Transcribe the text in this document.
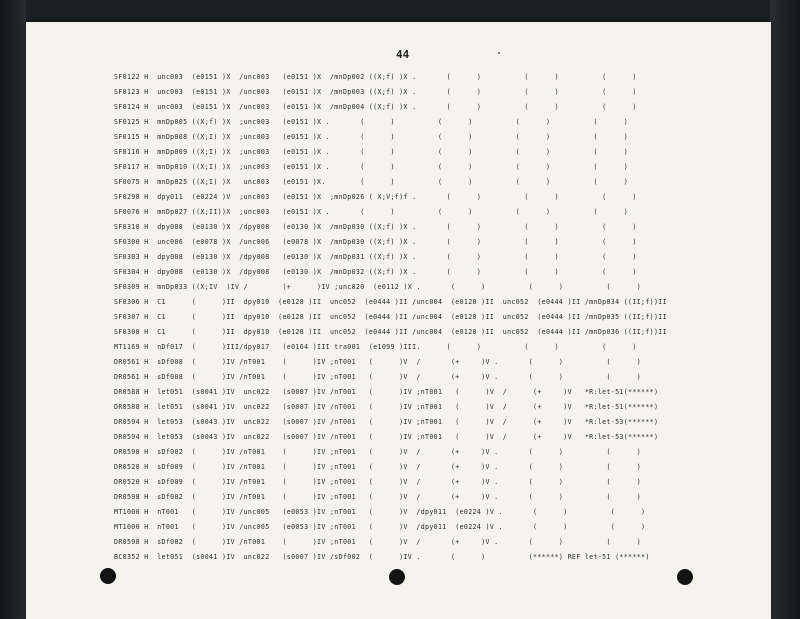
44
SF0122 H  unc003  (e0151 )X  /unc003   (e0151 )X  /mnDp002 ((X;f) )X .       (      )          (      )          (      )
SF0123 H  unc003  (e0151 )X  /unc003   (e0151 )X  /mnDp003 ((X;f) )X .       (      )          (      )          (      )
SF0124 H  unc003  (e0151 )X  /unc003   (e0151 )X  /mnDp004 ((X;f) )X .       (      )          (      )          (      )
SF0125 H  mnDp005 ((X;f) )X  ;unc003   (e0151 )X .       (      )          (      )          (      )          (      )
SF0115 H  mnDp008 ((X;I) )X  ;unc003   (e0151 )X .       (      )          (      )          (      )          (      )
SF0116 H  mnDp009 ((X;I) )X  ;unc003   (e0151 )X .       (      )          (      )          (      )          (      )
SF0117 H  mnDp010 ((X;I) )X  ;unc003   (e0151 )X .       (      )          (      )          (      )          (      )
SF0075 H  mnDp025 ((X;I) )X   unc003   (e0151 )X.        (      )          (      )          (      )          (      )
SF0298 H  dpy011  (e0224 )V  ;unc003   (e0151 )X  ;mnDp026 ( X;V;f)f .       (      )          (      )          (      )
SF0076 H  mnDp027 ((X;II))X  ;unc003   (e0151 )X .       (      )          (      )          (      )          (      )
SF0310 H  dpy008  (e0130 )X  /dpy008   (e0130 )X  /mnDp030 ((X;f) )X .       (      )          (      )          (      )
SF0300 H  unc006  (e0078 )X  /unc006   (e0078 )X  /mnDp030 ((X;f) )X .       (      )          (      )          (      )
SF0303 H  dpy008  (e0130 )X  /dpy008   (e0130 )X  /mnDp031 ((X;f) )X .       (      )          (      )          (      )
SF0304 H  dpy008  (e0130 )X  /dpy008   (e0130 )X  /mnDp032 ((X;f) )X .       (      )          (      )          (      )
SF0309 H  mnDp033 ((X;IV  )IV /        (+      )IV ;unc020  (e0112 )X .       (      )          (      )          (      )
SF0306 H  C1      (      )II  dpy010  (e0128 )II  unc052  (e0444 )II /unc004  (e0120 )II  unc052  (e0444 )II /mnDp034 ((II;f))II
SF0307 H  C1      (      )II  dpy010  (e0128 )II  unc052  (e0444 )II /unc004  (e0120 )II  unc052  (e0444 )II /mnDp035 ((II;f))II
SF0308 H  C1      (      )II  dpy010  (e0128 )II  unc052  (e0444 )II /unc004  (e0120 )II  unc052  (e0444 )II /mnDp036 ((II;f))II
MT1169 H  nDf017  (      )III/dpy017   (e0164 )III tra001  (e1099 )III.      (      )          (      )          (      )
DR0561 H  sDf008  (      )IV /nT001    (      )IV ;nT001   (      )V  /       (+     )V .       (      )          (      )
DR0561 H  sDf008  (      )IV /nT001    (      )IV ;nT001   (      )V  /       (+     )V .       (      )          (      )
DR0588 H  let051  (s0041 )IV  unc022   (s0007 )IV /nT001   (      )IV ;nT001   (      )V  /      (+     )V   *R:let-51(******)
DR0588 H  let051  (s0041 )IV  unc022   (s0007 )IV /nT001   (      )IV ;nT001   (      )V  /      (+     )V   *R:let-51(******)
DR0594 H  let053  (s0043 )IV  unc022   (s0007 )IV /nT001   (      )IV ;nT001   (      )V  /      (+     )V   *R:let-53(******)
DR0594 H  let053  (s0043 )IV  unc022   (s0007 )IV /nT001   (      )IV ;nT001   (      )V  /      (+     )V   *R:let-53(******)
DR0598 H  sDf002  (      )IV /nT001    (      )IV ;nT001   (      )V  /       (+     )V .       (      )          (      )
DR0520 H  sDf009  (      )IV /nT001    (      )IV ;nT001   (      )V  /       (+     )V .       (      )          (      )
DR0520 H  sDf009  (      )IV /nT001    (      )IV ;nT001   (      )V  /       (+     )V .       (      )          (      )
DR0598 H  sDf002  (      )IV /nT001    (      )IV ;nT001   (      )V  /       (+     )V .       (      )          (      )
MT1000 H  nT001   (      )IV /unc005   (e0053 )IV ;nT001   (      )V  /dpy011  (e0224 )V .       (      )          (      )
MT1000 H  nT001   (      )IV /unc005   (e0053 )IV ;nT001   (      )V  /dpy011  (e0224 )V .       (      )          (      )
DR0598 H  sDf002  (      )IV /nT001    (      )IV ;nT001   (      )V  /       (+     )V .       (      )          (      )
BC0352 H  let051  (s0041 )IV  unc022   (s0007 )IV /sDf002  (      )IV .       (      )          (******) REF let-51 (******)
